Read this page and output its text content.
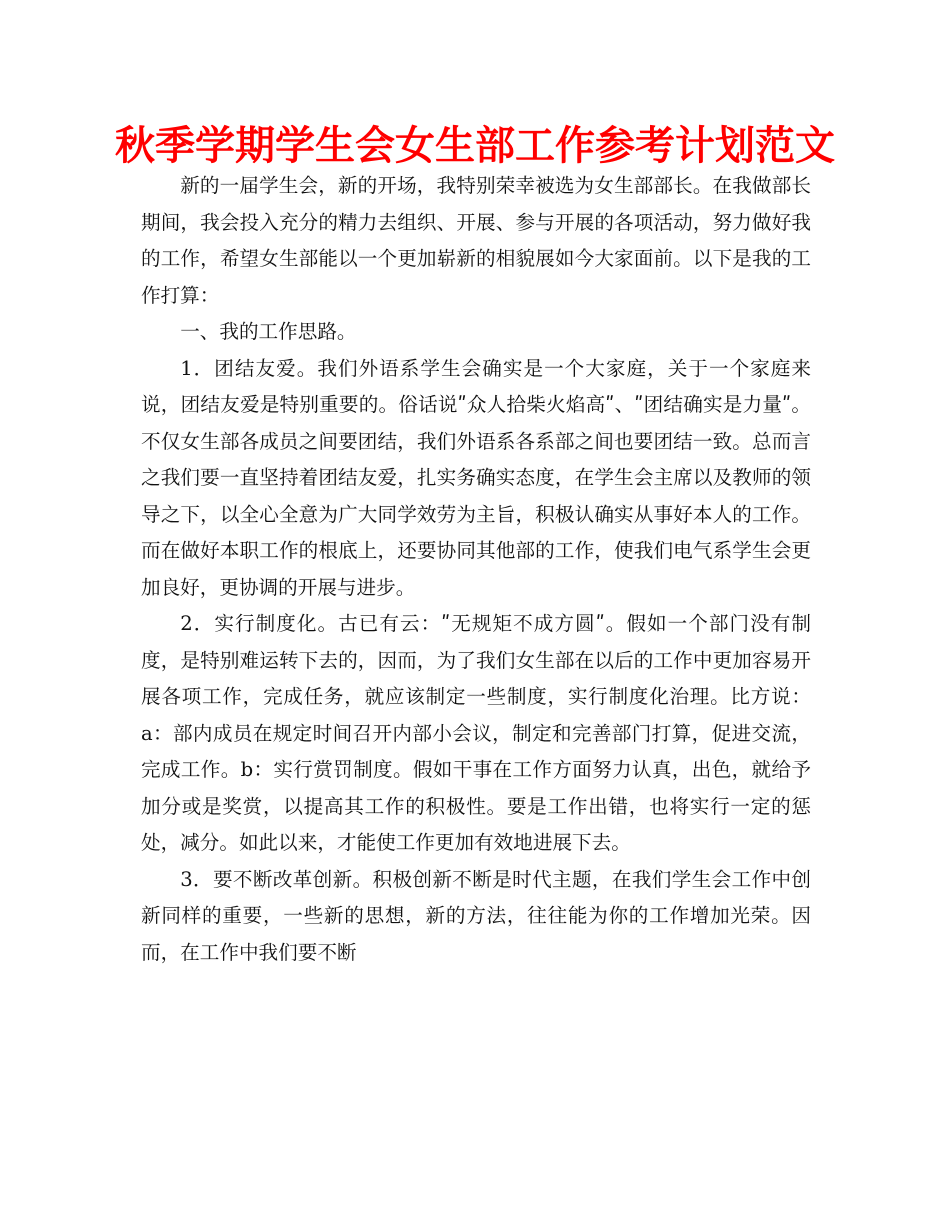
秋季学期学生会女生部工作参考计划范文

新的一届学生会，新的开场，我特别荣幸被选为女生部部长。在我做部长期间，我会投入充分的精力去组织、开展、参与开展的各项活动，努力做好我的工作，希望女生部能以一个更加崭新的相貌展如今大家面前。以下是我的工作打算：

一、我的工作思路。

1．团结友爱。我们外语系学生会确实是一个大家庭，关于一个家庭来说，团结友爱是特别重要的。俗话说ʺ众人拾柴火焰高ʺ、ʺ团结确实是力量ʺ。不仅女生部各成员之间要团结，我们外语系各系部之间也要团结一致。总而言之我们要一直坚持着团结友爱，扎实务确实态度，在学生会主席以及教师的领导之下，以全心全意为广大同学效劳为主旨，积极认确实从事好本人的工作。而在做好本职工作的根底上，还要协同其他部的工作，使我们电气系学生会更加良好，更协调的开展与进步。

2．实行制度化。古已有云：ʺ无规矩不成方圆ʺ。假如一个部门没有制度，是特别难运转下去的，因而，为了我们女生部在以后的工作中更加容易开展各项工作，完成任务，就应该制定一些制度，实行制度化治理。比方说：a：部内成员在规定时间召开内部小会议，制定和完善部门打算，促进交流，完成工作。b：实行赏罚制度。假如干事在工作方面努力认真，出色，就给予加分或是奖赏，以提高其工作的积极性。要是工作出错，也将实行一定的惩处，减分。如此以来，才能使工作更加有效地进展下去。

3．要不断改革创新。积极创新不断是时代主题，在我们学生会工作中创新同样的重要，一些新的思想，新的方法，往往能为你的工作增加光荣。因而，在工作中我们要不断
